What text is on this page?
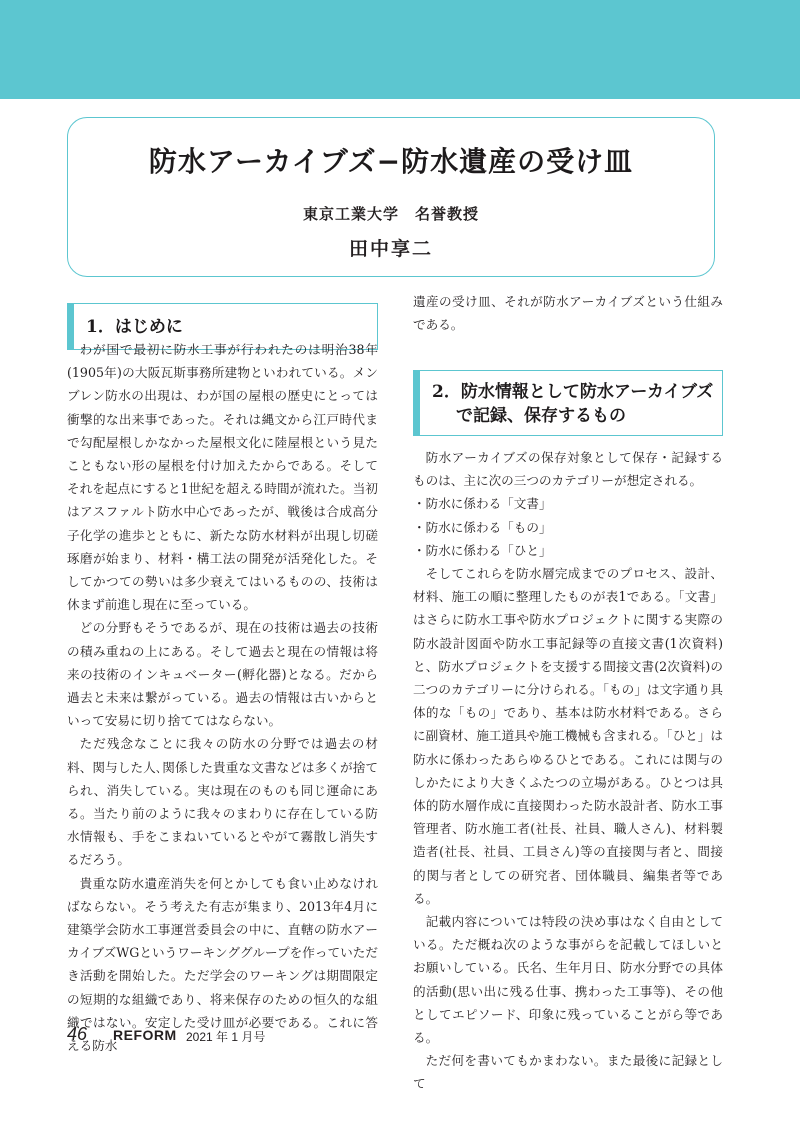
防水アーカイブズ−防水遺産の受け皿
東京工業大学　名誉教授
田中享二
1．はじめに

わが国で最初に防水工事が行われたのは明治38年(1905年)の大阪瓦斯事務所建物といわれている。メンブレン防水の出現は、わが国の屋根の歴史にとっては衝撃的な出来事であった。それは縄文から江戸時代まで勾配屋根しかなかった屋根文化に陸屋根という見たこともない形の屋根を付け加えたからである。そしてそれを起点にすると1世紀を超える時間が流れた。当初はアスファルト防水中心であったが、戦後は合成高分子化学の進歩とともに、新たな防水材料が出現し切磋琢磨が始まり、材料・構工法の開発が活発化した。そしてかつての勢いは多少衰えてはいるものの、技術は休まず前進し現在に至っている。

どの分野もそうであるが、現在の技術は過去の技術の積み重ねの上にある。そして過去と現在の情報は将来の技術のインキュベーター(孵化器)となる。だから過去と未来は繋がっている。過去の情報は古いからといって安易に切り捨ててはならない。

ただ残念なことに我々の防水の分野では過去の材料、関与した人､関係した貴重な文書などは多くが捨てられ、消失している。実は現在のものも同じ運命にある。当たり前のように我々のまわりに存在している防水情報も、手をこまねいているとやがて霧散し消失するだろう。

貴重な防水遺産消失を何とかしても食い止めなければならない。そう考えた有志が集まり、2013年4月に建築学会防水工事運営委員会の中に、直轄の防水アーカイブズWGというワーキンググループを作っていただき活動を開始した。ただ学会のワーキングは期間限定の短期的な組織であり、将来保存のための恒久的な組織ではない。安定した受け皿が必要である。これに答える防水

遺産の受け皿、それが防水アーカイブズという仕組みである。

2．防水情報として防水アーカイブズ
で記録、保存するもの

防水アーカイブズの保存対象として保存・記録するものは、主に次の三つのカテゴリーが想定される。

・防水に係わる「文書」

・防水に係わる「もの」

・防水に係わる「ひと」

そしてこれらを防水層完成までのプロセス、設計、材料、施工の順に整理したものが表1である。「文書」はさらに防水工事や防水プロジェクトに関する実際の防水設計図面や防水工事記録等の直接文書(1次資料)と、防水プロジェクトを支援する間接文書(2次資料)の二つのカテゴリーに分けられる。「もの」は文字通り具体的な「もの」であり、基本は防水材料である。さらに副資材、施工道具や施工機械も含まれる。「ひと」は防水に係わったあらゆるひとである。これには関与のしかたにより大きくふたつの立場がある。ひとつは具体的防水層作成に直接関わった防水設計者、防水工事管理者、防水施工者(社長、社員、職人さん)、材料製造者(社長、社員、工員さん)等の直接関与者と、間接的関与者としての研究者、団体職員、編集者等である。

記載内容については特段の決め事はなく自由としている。ただ概ね次のような事がらを記載してほしいとお願いしている。氏名、生年月日、防水分野での具体的活動(思い出に残る仕事、携わった工事等)、その他としてエピソード、印象に残っていることがら等である。

ただ何を書いてもかまわない。また最後に記録として

46 REFORM 2021 年 1 月号
